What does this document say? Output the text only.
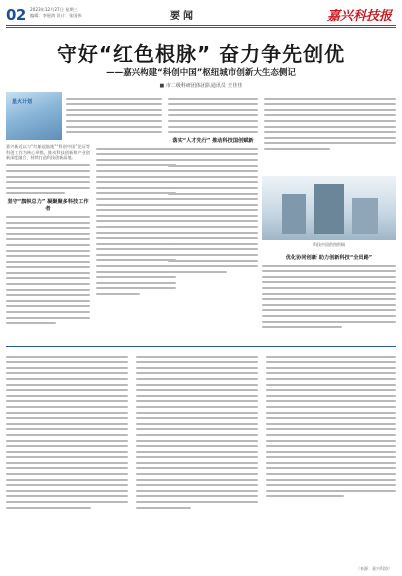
02 2023年12月27日 星期三
编辑：李展鸿 设计：张国伟	要闻	嘉兴科技报
守好“红色根脉” 奋力争先创优
——嘉兴构建“科创中国”枢纽城市创新大生态侧记
■ 市二级科研团体团队通讯员 王佳佳
星火计划

嘉兴新近以与“红船起航地”“科创中国”论证等科创工作为核心举措，推动科技创新和产业创新深度融合，持续打造科技创新高地。

坚守“旗帜总力” 凝聚聚多科技工作者
落实“人才先行” 推动科技国创赋新
科技中国供图供稿
优化协同创新 助力创新科技“全员路”
（来源：嘉兴科协）
